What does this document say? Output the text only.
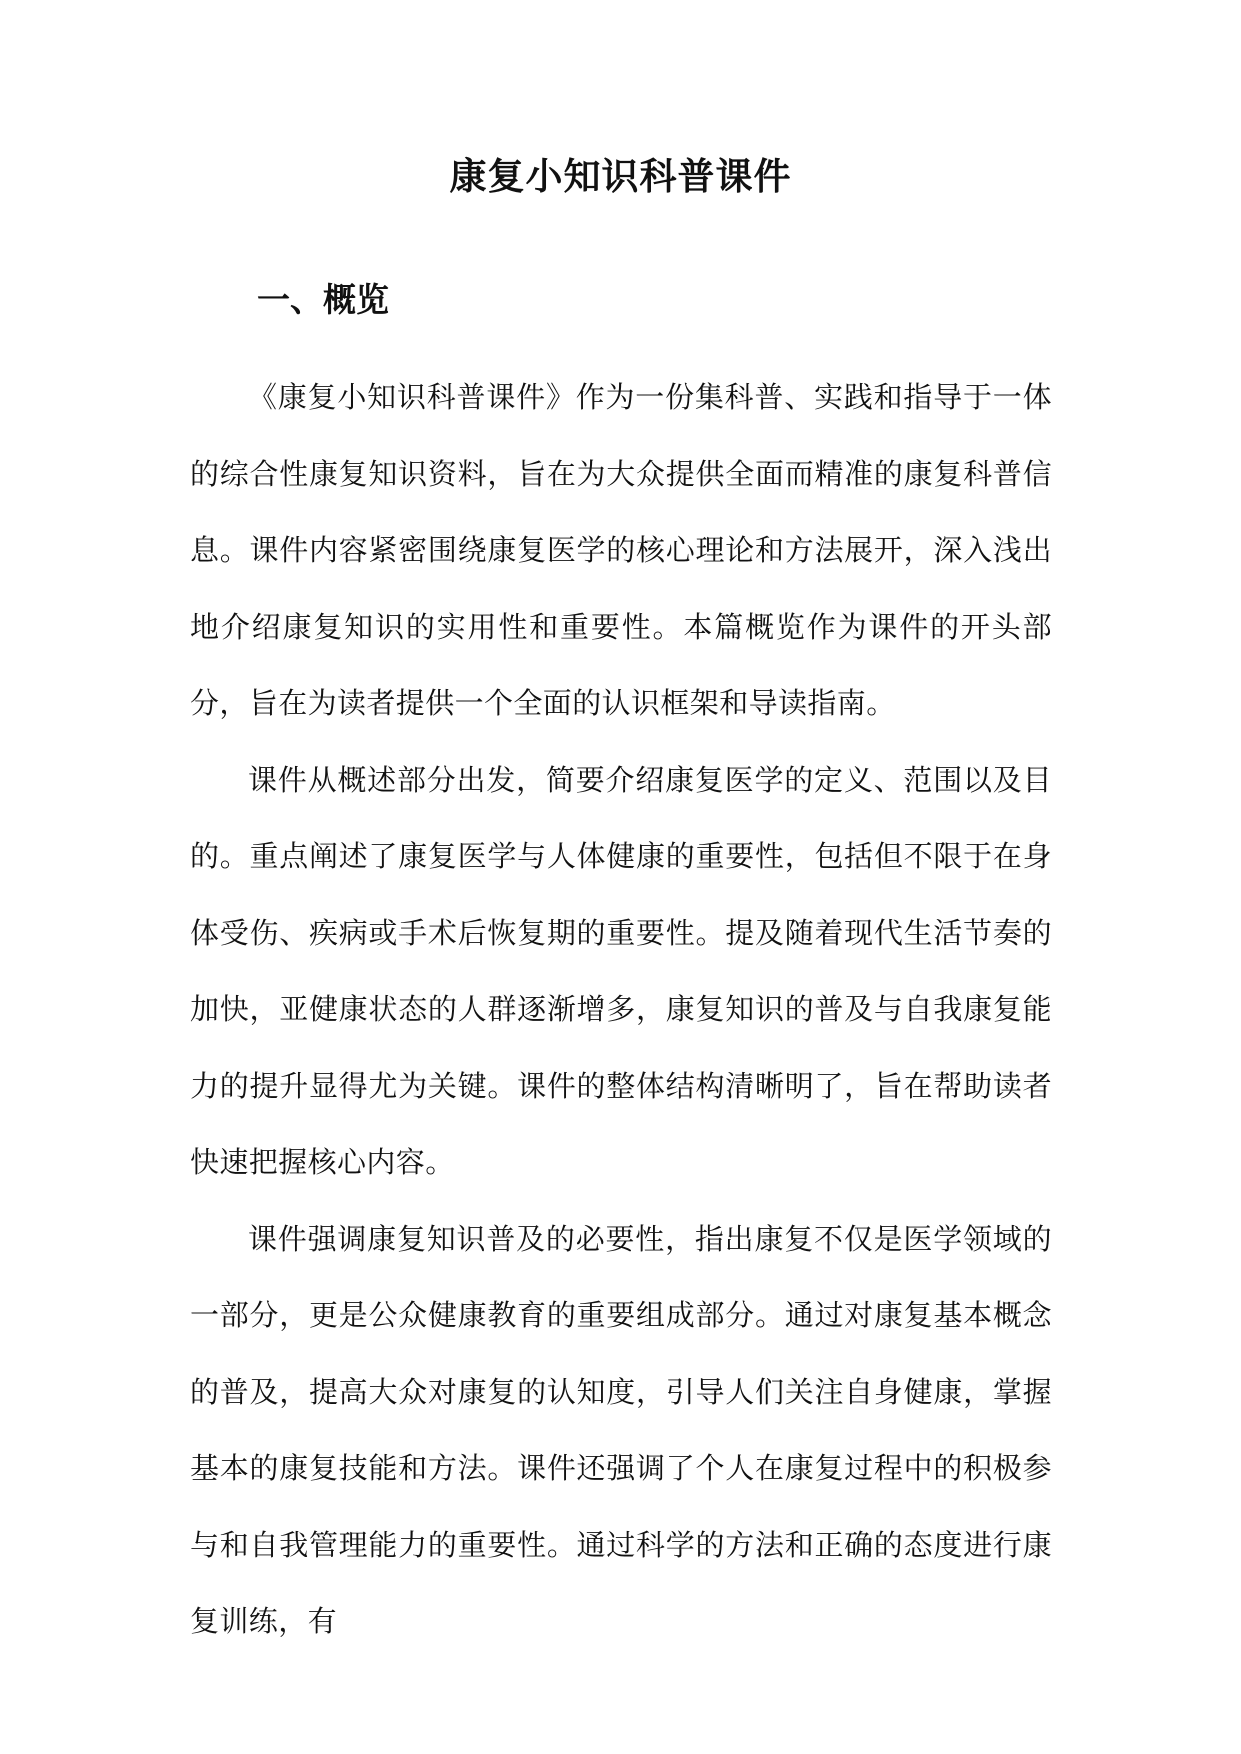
康复小知识科普课件
一、概览

《康复小知识科普课件》作为一份集科普、实践和指导于一体的综合性康复知识资料，旨在为大众提供全面而精准的康复科普信息。课件内容紧密围绕康复医学的核心理论和方法展开，深入浅出地介绍康复知识的实用性和重要性。本篇概览作为课件的开头部分，旨在为读者提供一个全面的认识框架和导读指南。

课件从概述部分出发，简要介绍康复医学的定义、范围以及目的。重点阐述了康复医学与人体健康的重要性，包括但不限于在身体受伤、疾病或手术后恢复期的重要性。提及随着现代生活节奏的加快，亚健康状态的人群逐渐增多，康复知识的普及与自我康复能力的提升显得尤为关键。课件的整体结构清晰明了，旨在帮助读者快速把握核心内容。

课件强调康复知识普及的必要性，指出康复不仅是医学领域的一部分，更是公众健康教育的重要组成部分。通过对康复基本概念的普及，提高大众对康复的认知度，引导人们关注自身健康，掌握基本的康复技能和方法。课件还强调了个人在康复过程中的积极参与和自我管理能力的重要性。通过科学的方法和正确的态度进行康复训练，有
